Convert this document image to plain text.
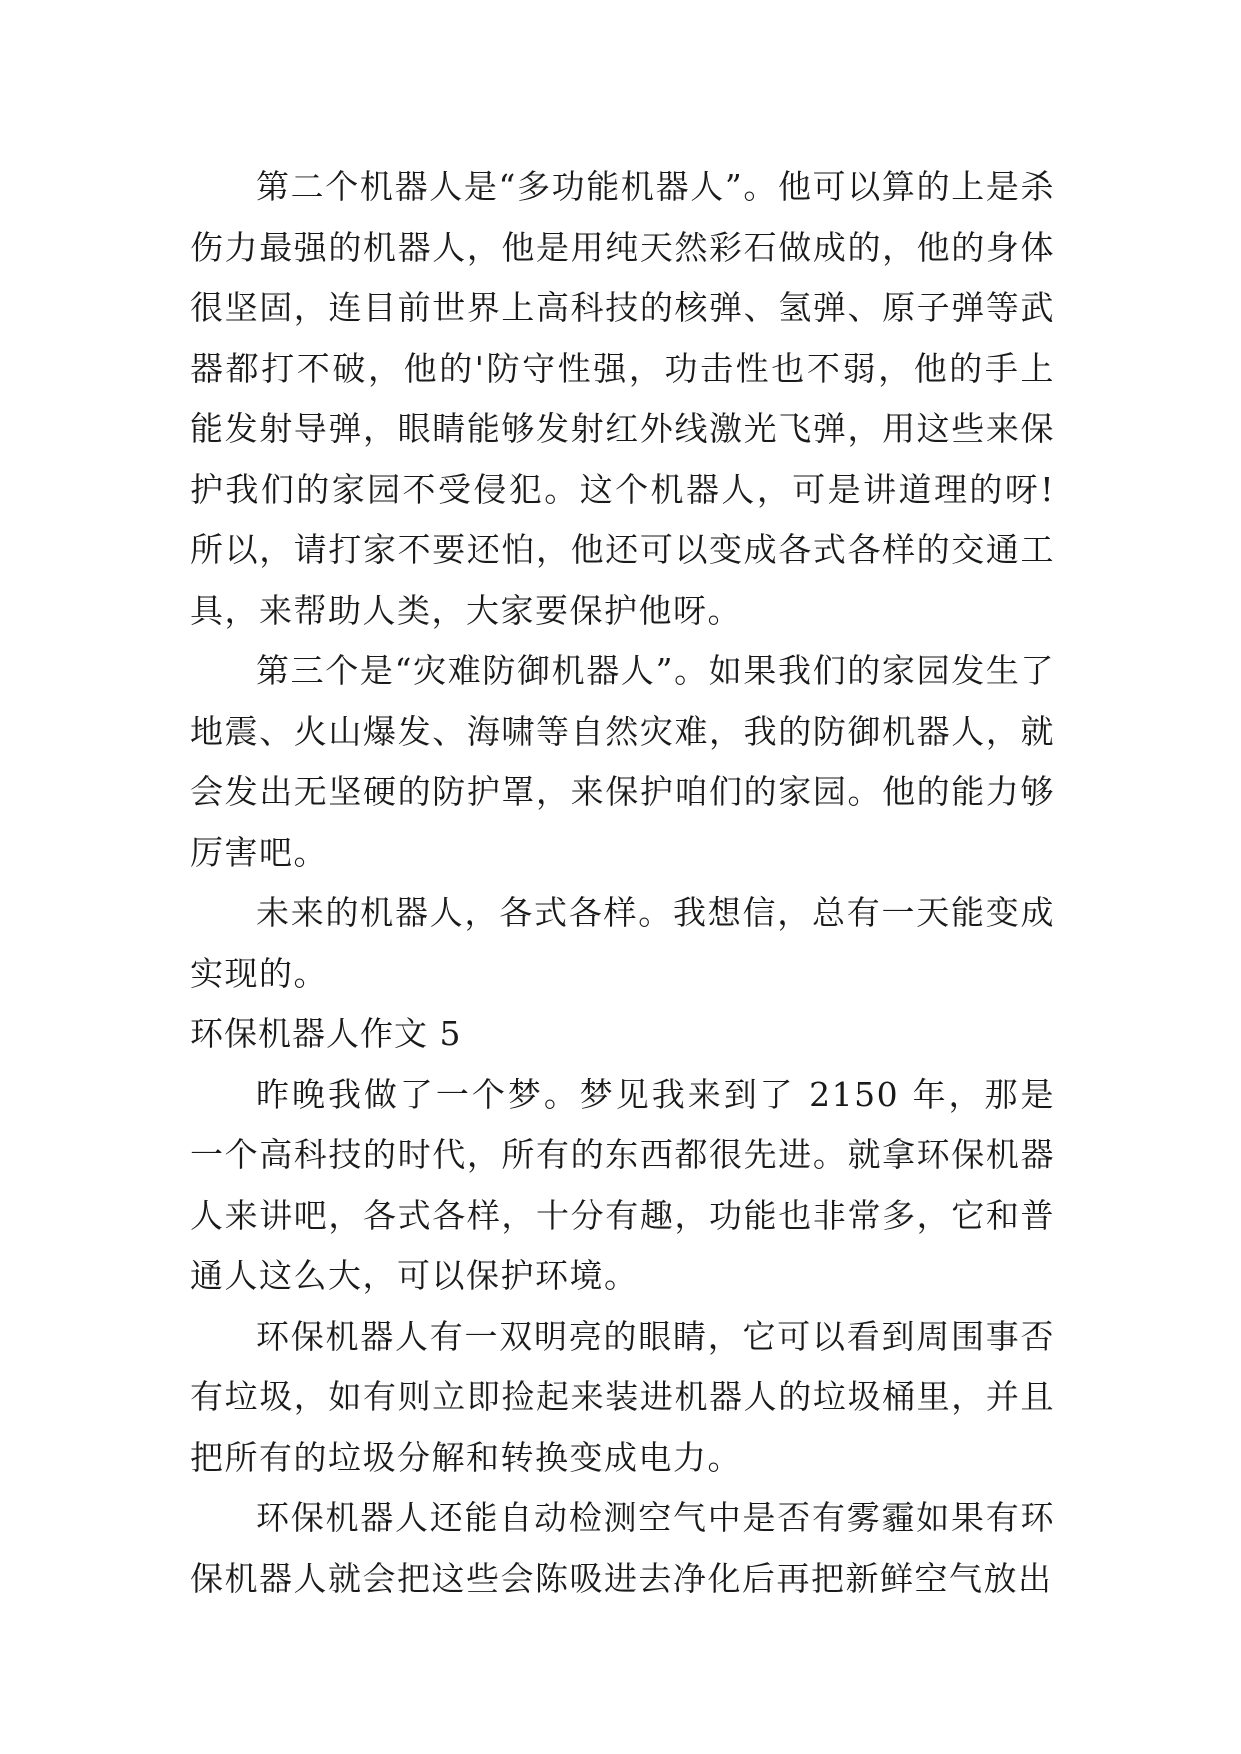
第二个机器人是“多功能机器人”。他可以算的上是杀伤力最强的机器人，他是用纯天然彩石做成的，他的身体很坚固，连目前世界上高科技的核弹、氢弹、原子弹等武器都打不破，他的'防守性强，功击性也不弱，他的手上能发射导弹，眼睛能够发射红外线激光飞弹，用这些来保护我们的家园不受侵犯。这个机器人，可是讲道理的呀!所以，请打家不要还怕，他还可以变成各式各样的交通工具，来帮助人类，大家要保护他呀。

第三个是“灾难防御机器人”。如果我们的家园发生了地震、火山爆发、海啸等自然灾难，我的防御机器人，就会发出无坚硬的防护罩，来保护咱们的家园。他的能力够厉害吧。

未来的机器人，各式各样。我想信，总有一天能变成实现的。

环保机器人作文 5

昨晚我做了一个梦。梦见我来到了 2150 年，那是一个高科技的时代，所有的东西都很先进。就拿环保机器人来讲吧，各式各样，十分有趣，功能也非常多，它和普通人这么大，可以保护环境。

环保机器人有一双明亮的眼睛，它可以看到周围事否有垃圾，如有则立即捡起来装进机器人的垃圾桶里，并且把所有的垃圾分解和转换变成电力。

环保机器人还能自动检测空气中是否有雾霾如果有环保机器人就会把这些会陈吸进去净化后再把新鲜空气放出
